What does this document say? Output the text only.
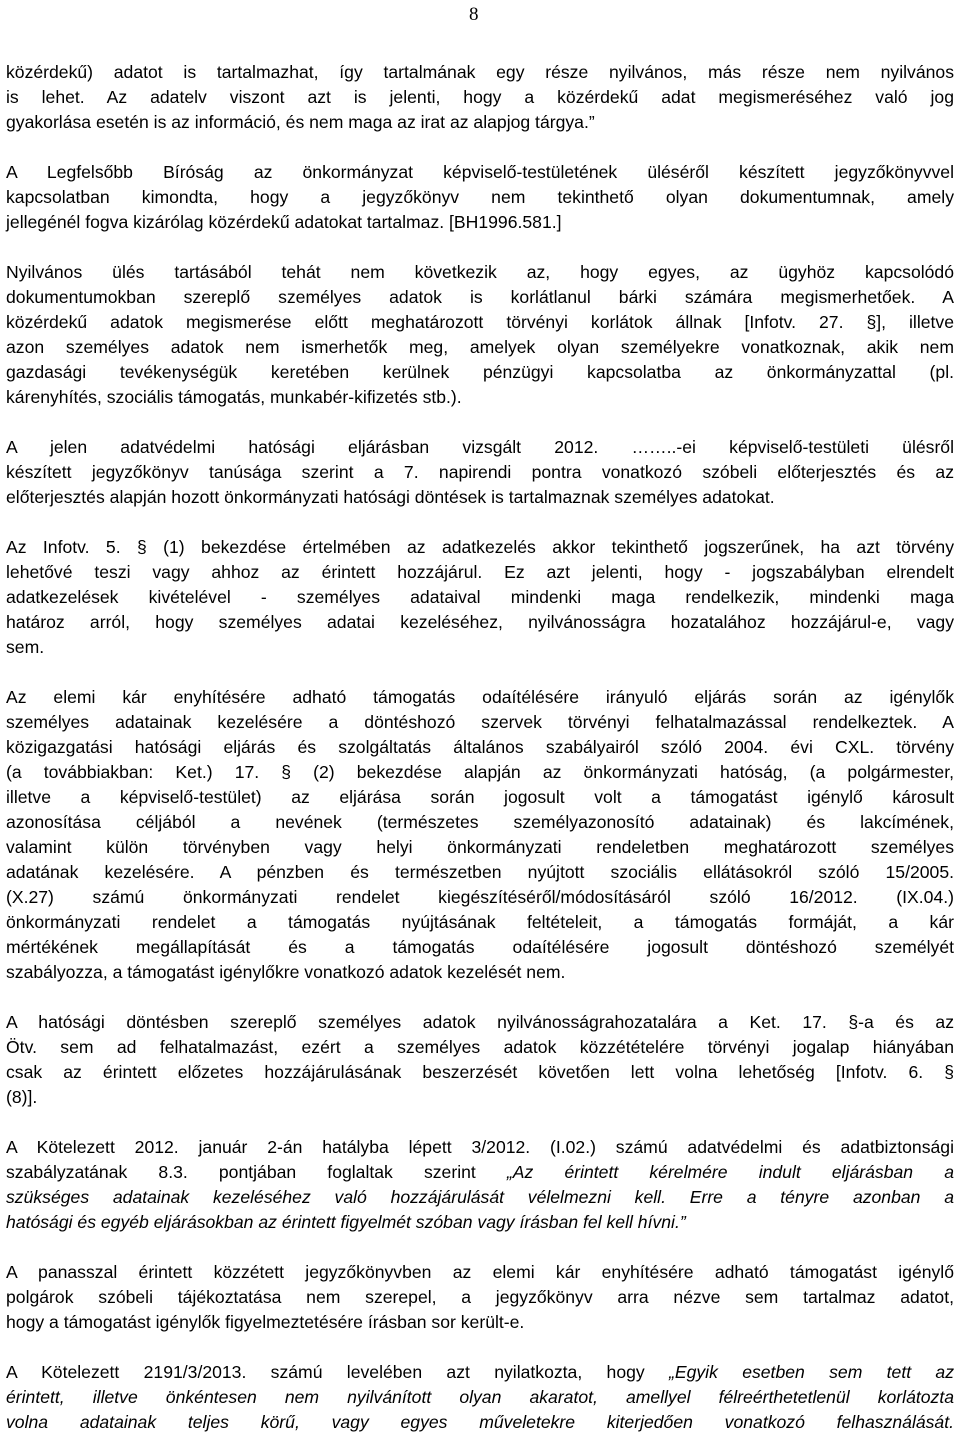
8
közérdekű) adatot is tartalmazhat, így tartalmának egy része nyilvános, más része nem nyilvános
is lehet. Az adatelv viszont azt is jelenti, hogy a közérdekű adat megismeréséhez való jog
gyakorlása esetén is az információ, és nem maga az irat az alapjog tárgya.”
A Legfelsőbb Bíróság az önkormányzat képviselő-testületének üléséről készített jegyzőkönyvvel
kapcsolatban kimondta, hogy a jegyzőkönyv nem tekinthető olyan dokumentumnak, amely
jellegénél fogva kizárólag közérdekű adatokat tartalmaz. [BH1996.581.]
Nyilvános ülés tartásából tehát nem következik az, hogy egyes, az ügyhöz kapcsolódó
dokumentumokban szereplő személyes adatok is korlátlanul bárki számára megismerhetőek. A
közérdekű adatok megismerése előtt meghatározott törvényi korlátok állnak [Infotv. 27. §], illetve
azon személyes adatok nem ismerhetők meg, amelyek olyan személyekre vonatkoznak, akik nem
gazdasági tevékenységük keretében kerülnek pénzügyi kapcsolatba az önkormányzattal (pl.
kárenyhítés, szociális támogatás, munkabér-kifizetés stb.).
A jelen adatvédelmi hatósági eljárásban vizsgált 2012. ……..-ei képviselő-testületi ülésről
készített jegyzőkönyv tanúsága szerint a 7. napirendi pontra vonatkozó szóbeli előterjesztés és az
előterjesztés alapján hozott önkormányzati hatósági döntések is tartalmaznak személyes adatokat.
Az Infotv. 5. § (1) bekezdése értelmében az adatkezelés akkor tekinthető jogszerűnek, ha azt törvény
lehetővé teszi vagy ahhoz az érintett hozzájárul. Ez azt jelenti, hogy - jogszabályban elrendelt
adatkezelések kivételével - személyes adataival mindenki maga rendelkezik, mindenki maga
határoz arról, hogy személyes adatai kezeléséhez, nyilvánosságra hozatalához hozzájárul-e, vagy
sem.
Az elemi kár enyhítésére adható támogatás odaítélésére irányuló eljárás során az igénylők
személyes adatainak kezelésére a döntéshozó szervek törvényi felhatalmazással rendelkeztek. A
közigazgatási hatósági eljárás és szolgáltatás általános szabályairól szóló 2004. évi CXL. törvény
(a továbbiakban: Ket.) 17. § (2) bekezdése alapján az önkormányzati hatóság, (a polgármester,
illetve a képviselő-testület) az eljárása során jogosult volt a támogatást igénylő károsult
azonosítása céljából a nevének (természetes személyazonosító adatainak) és lakcímének,
valamint külön törvényben vagy helyi önkormányzati rendeletben meghatározott személyes
adatának kezelésére. A pénzben és természetben nyújtott szociális ellátásokról szóló 15/2005.
(X.27) számú önkormányzati rendelet kiegészítéséről/módosításáról szóló 16/2012. (IX.04.)
önkormányzati rendelet a támogatás nyújtásának feltételeit, a támogatás formáját, a kár
mértékének megállapítását és a támogatás odaítélésére jogosult döntéshozó személyét
szabályozza, a támogatást igénylőkre vonatkozó adatok kezelését nem.
A hatósági döntésben szereplő személyes adatok nyilvánosságrahozatalára a Ket. 17. §-a és az
Ötv. sem ad felhatalmazást, ezért a személyes adatok közzétételére törvényi jogalap hiányában
csak az érintett előzetes hozzájárulásának beszerzését követően lett volna lehetőség [Infotv. 6. §
(8)].
A Kötelezett 2012. január 2-án hatályba lépett 3/2012. (I.02.) számú adatvédelmi és adatbiztonsági
szabályzatának 8.3. pontjában foglaltak szerint „Az érintett kérelmére indult eljárásban a
szükséges adatainak kezeléséhez való hozzájárulását vélelmezni kell. Erre a tényre azonban a
hatósági és egyéb eljárásokban az érintett figyelmét szóban vagy írásban fel kell hívni.”
A panasszal érintett közzétett jegyzőkönyvben az elemi kár enyhítésére adható támogatást igénylő
polgárok szóbeli tájékoztatása nem szerepel, a jegyzőkönyv arra nézve sem tartalmaz adatot,
hogy a támogatást igénylők figyelmeztetésére írásban sor került-e.
A Kötelezett 2191/3/2013. számú levelében azt nyilatkozta, hogy „Egyik esetben sem tett az
érintett, illetve önkéntesen nem nyilvánított olyan akaratot, amellyel félreérthetetlenül korlátozta
volna adatainak teljes körű, vagy egyes műveletekre kiterjedően vonatkozó felhasználását.
